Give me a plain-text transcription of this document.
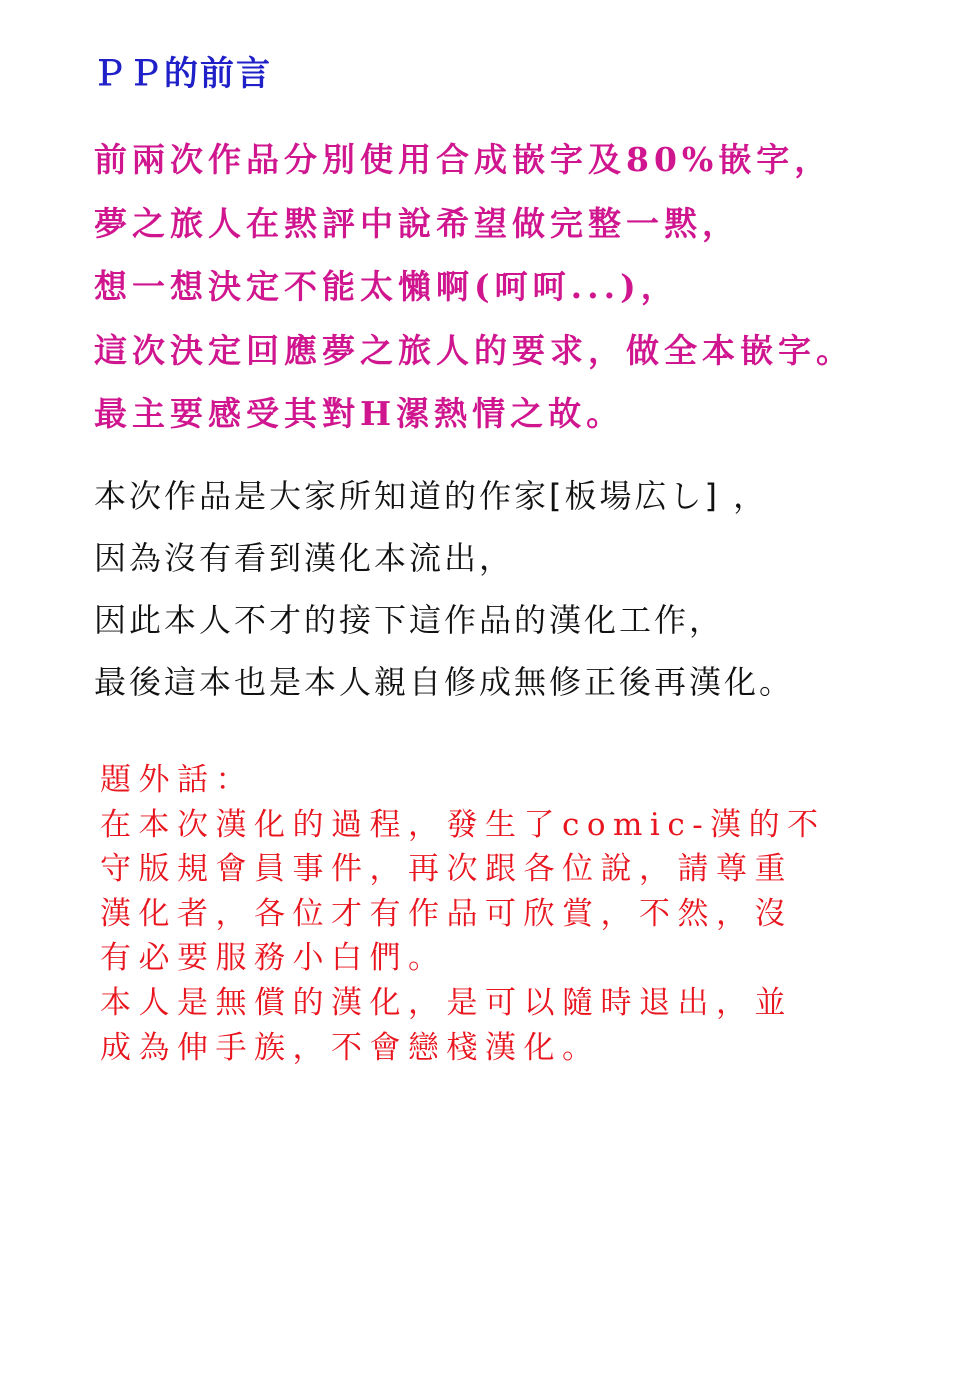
ＰＰ的前言
前兩次作品分別使用合成嵌字及80%嵌字，
夢之旅人在黙評中說希望做完整一黙，
想一想決定不能太懶啊(呵呵...)，
這次決定回應夢之旅人的要求，做全本嵌字。
最主要感受其對H漯熱情之故。
本次作品是大家所知道的作家[板場広し] ，
因為沒有看到漢化本流出，
因此本人不才的接下這作品的漢化工作，
最後這本也是本人親自修成無修正後再漢化。
題外話：
在本次漢化的過程，發生了comic-漢的不
守版規會員事件，再次跟各位說，請尊重
漢化者，各位才有作品可欣賞，不然，沒
有必要服務小白們。
本人是無償的漢化，是可以隨時退出，並
成為伸手族，不會戀棧漢化。
